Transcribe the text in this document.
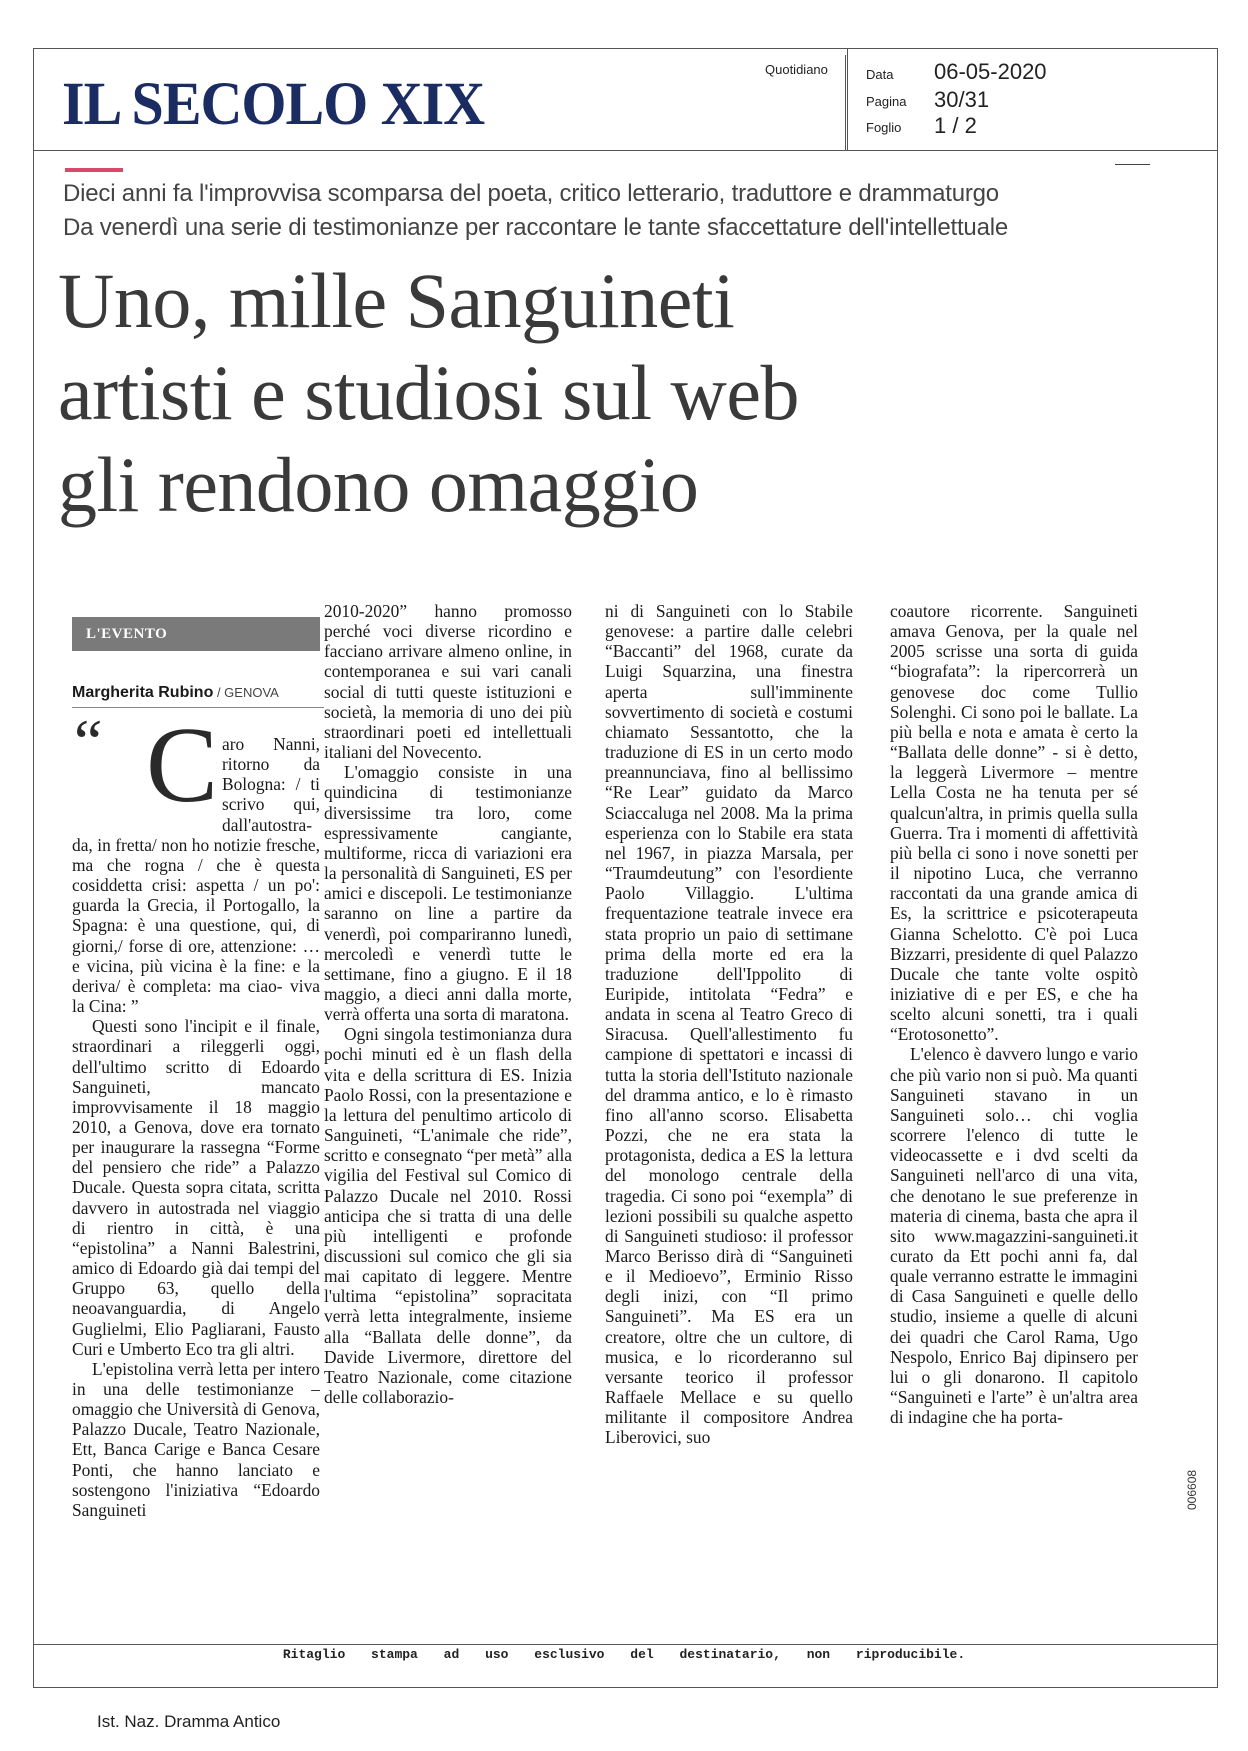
IL SECOLO XIX	Quotidiano	Data 06-05-2020
Pagina 30/31
Foglio 1 / 2
Dieci anni fa l'improvvisa scomparsa del poeta, critico letterario, traduttore e drammaturgo
Da venerdì una serie di testimonianze per raccontare le tante sfaccettature dell'intellettuale
Uno, mille Sanguineti
artisti e studiosi sul web
gli rendono omaggio
L'EVENTO
Margherita Rubino / GENOVA
“ C aro Nanni, ritorno da Bologna: / ti scrivo qui, dall'autostra-

da, in fretta/ non ho notizie fresche, ma che rogna / che è questa cosiddetta crisi: aspetta / un po': guarda la Grecia, il Portogallo, la Spagna: è una questione, qui, di giorni,/ forse di ore, attenzione: … e vicina, più vicina è la fine: e la deriva/ è completa: ma ciao- viva la Cina: ”

Questi sono l'incipit e il finale, straordinari a rileggerli oggi, dell'ultimo scritto di Edoardo Sanguineti, mancato improvvisamente il 18 maggio 2010, a Genova, dove era tornato per inaugurare la rassegna “Forme del pensiero che ride” a Palazzo Ducale. Questa sopra citata, scritta davvero in autostrada nel viaggio di rientro in città, è una “epistolina” a Nanni Balestrini, amico di Edoardo già dai tempi del Gruppo 63, quello della neoavanguardia, di Angelo Guglielmi, Elio Pagliarani, Fausto Curi e Umberto Eco tra gli altri.

L'epistolina verrà letta per intero in una delle testimonianze – omaggio che Università di Genova, Palazzo Ducale, Teatro Nazionale, Ett, Banca Carige e Banca Cesare Ponti, che hanno lanciato e sostengono l'iniziativa “Edoardo Sanguineti

2010-2020” hanno promosso perché voci diverse ricordino e facciano arrivare almeno online, in contemporanea e sui vari canali social di tutti queste istituzioni e società, la memoria di uno dei più straordinari poeti ed intellettuali italiani del Novecento.

L'omaggio consiste in una quindicina di testimonianze diversissime tra loro, come espressivamente cangiante, multiforme, ricca di variazioni era la personalità di Sanguineti, ES per amici e discepoli. Le testimonianze saranno on line a partire da venerdì, poi compariranno lunedì, mercoledì e venerdì tutte le settimane, fino a giugno. E il 18 maggio, a dieci anni dalla morte, verrà offerta una sorta di maratona.

Ogni singola testimonianza dura pochi minuti ed è un flash della vita e della scrittura di ES. Inizia Paolo Rossi, con la presentazione e la lettura del penultimo articolo di Sanguineti, “L'animale che ride”, scritto e consegnato “per metà” alla vigilia del Festival sul Comico di Palazzo Ducale nel 2010. Rossi anticipa che si tratta di una delle più intelligenti e profonde discussioni sul comico che gli sia mai capitato di leggere. Mentre l'ultima “epistolina” sopracitata verrà letta integralmente, insieme alla “Ballata delle donne”, da Davide Livermore, direttore del Teatro Nazionale, come citazione delle collaborazio-

ni di Sanguineti con lo Stabile genovese: a partire dalle celebri “Baccanti” del 1968, curate da Luigi Squarzina, una finestra aperta sull'imminente sovvertimento di società e costumi chiamato Sessantotto, che la traduzione di ES in un certo modo preannunciava, fino al bellissimo “Re Lear” guidato da Marco Sciaccaluga nel 2008. Ma la prima esperienza con lo Stabile era stata nel 1967, in piazza Marsala, per “Traumdeutung” con l'esordiente Paolo Villaggio. L'ultima frequentazione teatrale invece era stata proprio un paio di settimane prima della morte ed era la traduzione dell'Ippolito di Euripide, intitolata “Fedra” e andata in scena al Teatro Greco di Siracusa. Quell'allestimento fu campione di spettatori e incassi di tutta la storia dell'Istituto nazionale del dramma antico, e lo è rimasto fino all'anno scorso. Elisabetta Pozzi, che ne era stata la protagonista, dedica a ES la lettura del monologo centrale della tragedia. Ci sono poi “exempla” di lezioni possibili su qualche aspetto di Sanguineti studioso: il professor Marco Berisso dirà di “Sanguineti e il Medioevo”, Erminio Risso degli inizi, con “Il primo Sanguineti”. Ma ES era un creatore, oltre che un cultore, di musica, e lo ricorderanno sul versante teorico il professor Raffaele Mellace e su quello militante il compositore Andrea Liberovici, suo

coautore ricorrente. Sanguineti amava Genova, per la quale nel 2005 scrisse una sorta di guida “biografata”: la ripercorrerà un genovese doc come Tullio Solenghi. Ci sono poi le ballate. La più bella e nota e amata è certo la “Ballata delle donne” - si è detto, la leggerà Livermore – mentre Lella Costa ne ha tenuta per sé qualcun'altra, in primis quella sulla Guerra. Tra i momenti di affettività più bella ci sono i nove sonetti per il nipotino Luca, che verranno raccontati da una grande amica di Es, la scrittrice e psicoterapeuta Gianna Schelotto. C'è poi Luca Bizzarri, presidente di quel Palazzo Ducale che tante volte ospitò iniziative di e per ES, e che ha scelto alcuni sonetti, tra i quali “Erotosonetto”.

L'elenco è davvero lungo e vario che più vario non si può. Ma quanti Sanguineti stavano in un Sanguineti solo… chi voglia scorrere l'elenco di tutte le videocassette e i dvd scelti da Sanguineti nell'arco di una vita, che denotano le sue preferenze in materia di cinema, basta che apra il sito www.magazzini-sanguineti.it curato da Ett pochi anni fa, dal quale verranno estratte le immagini di Casa Sanguineti e quelle dello studio, insieme a quelle di alcuni dei quadri che Carol Rama, Ugo Nespolo, Enrico Baj dipinsero per lui o gli donarono. Il capitolo “Sanguineti e l'arte” è un'altra area di indagine che ha porta-

Ritaglio stampa ad uso esclusivo del destinatario, non riproducibile.
006608
Ist. Naz. Dramma Antico
